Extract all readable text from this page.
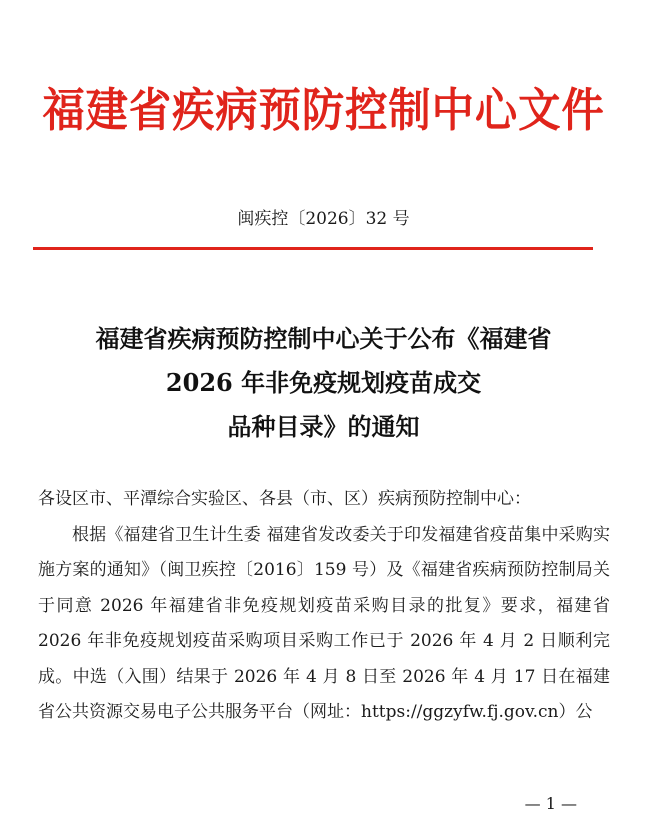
福建省疾病预防控制中心文件
闽疾控〔2026〕32 号
福建省疾病预防控制中心关于公布《福建省
2026 年非免疫规划疫苗成交
品种目录》的通知

各设区市、平潭综合实验区、各县（市、区）疾病预防控制中心：

根据《福建省卫生计生委 福建省发改委关于印发福建省疫苗集中采购实施方案的通知》（闽卫疾控〔2016〕159 号）及《福建省疾病预防控制局关于同意 2026 年福建省非免疫规划疫苗采购目录的批复》要求，福建省 2026 年非免疫规划疫苗采购项目采购工作已于 2026 年 4 月 2 日顺利完成。中选（入围）结果于 2026 年 4 月 8 日至 2026 年 4 月 17 日在福建省公共资源交易电子公共服务平台（网址：https://ggzyfw.fj.gov.cn）公

— 1 —
